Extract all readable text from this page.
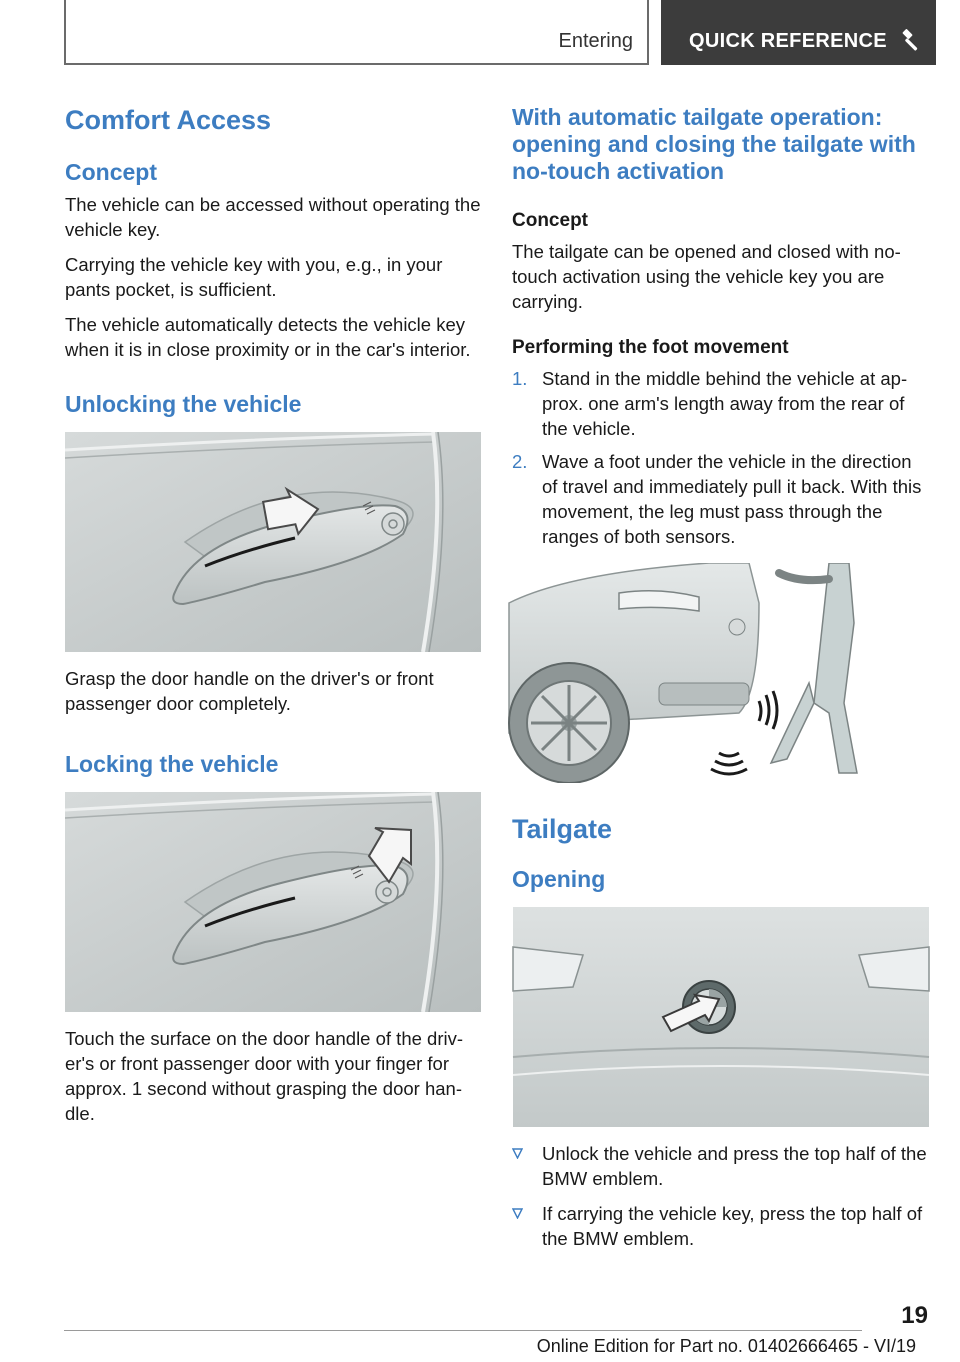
Entering	QUICK REFERENCE
Comfort Access
Concept

The vehicle can be accessed without operating the vehicle key.

Carrying the vehicle key with you, e.g., in your pants pocket, is sufficient.

The vehicle automatically detects the vehicle key when it is in close proximity or in the car's interior.

Unlocking the vehicle

Grasp the door handle on the driver's or front passenger door completely.

Locking the vehicle

Touch the surface on the door handle of the driver's or front passenger door with your finger for approx. 1 second without grasping the door handle.

With automatic tailgate operation: opening and closing the tailgate with no-touch activation
Concept

The tailgate can be opened and closed with no-touch activation using the vehicle key you are carrying.

Performing the foot movement
1. Stand in the middle behind the vehicle at approx. one arm's length away from the rear of the vehicle.
2. Wave a foot under the vehicle in the direction of travel and immediately pull it back. With this movement, the leg must pass through the ranges of both sensors.
Tailgate
Opening
Unlock the vehicle and press the top half of the BMW emblem.
If carrying the vehicle key, press the top half of the BMW emblem.
19
Online Edition for Part no. 01402666465 - VI/19
